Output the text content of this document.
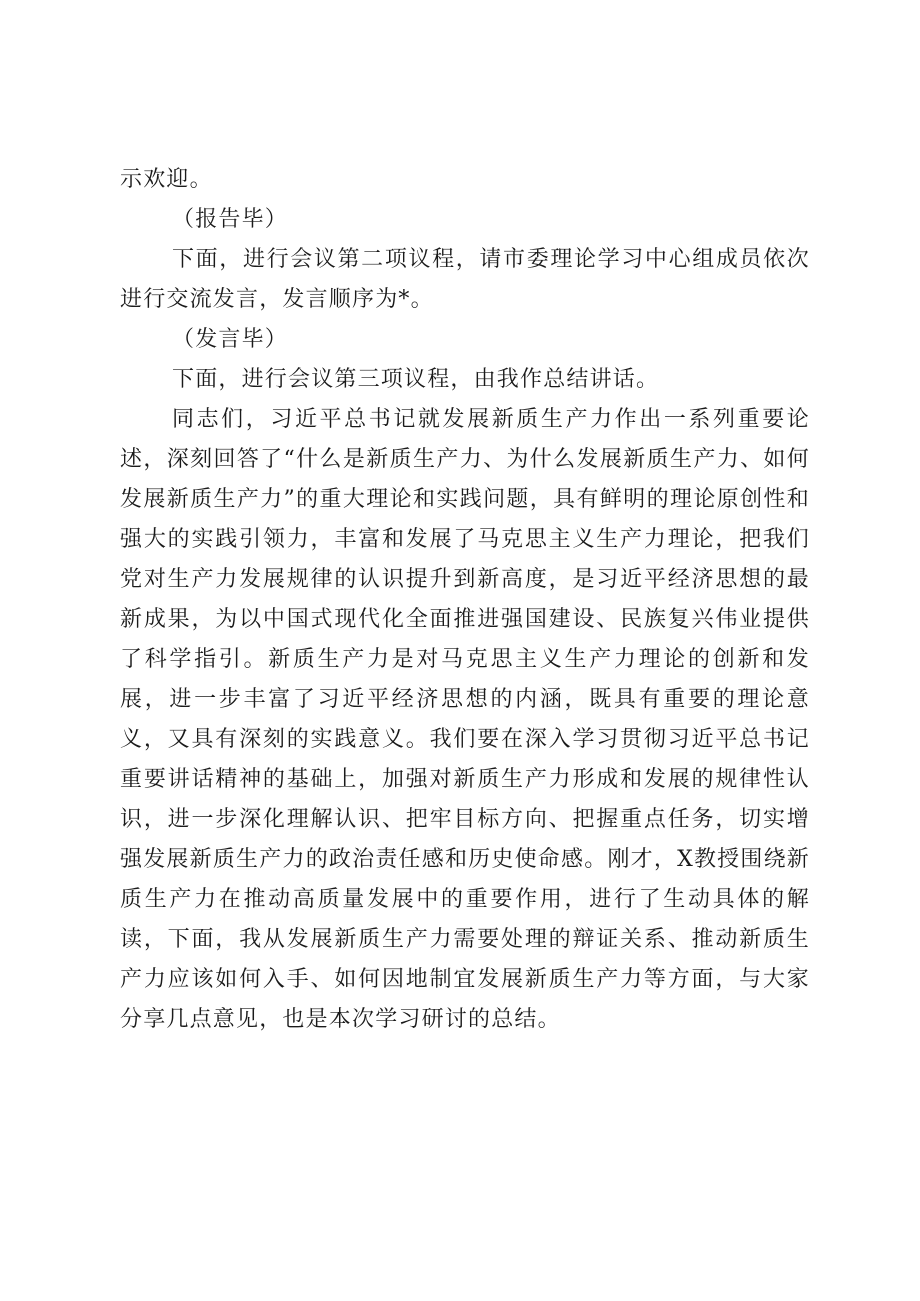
示欢迎。

（报告毕）

下面，进行会议第二项议程，请市委理论学习中心组成员依次进行交流发言，发言顺序为*。

（发言毕）

下面，进行会议第三项议程，由我作总结讲话。

同志们，习近平总书记就发展新质生产力作出一系列重要论述，深刻回答了“什么是新质生产力、为什么发展新质生产力、如何发展新质生产力”的重大理论和实践问题，具有鲜明的理论原创性和强大的实践引领力，丰富和发展了马克思主义生产力理论，把我们党对生产力发展规律的认识提升到新高度，是习近平经济思想的最新成果，为以中国式现代化全面推进强国建设、民族复兴伟业提供了科学指引。新质生产力是对马克思主义生产力理论的创新和发展，进一步丰富了习近平经济思想的内涵，既具有重要的理论意义，又具有深刻的实践意义。我们要在深入学习贯彻习近平总书记重要讲话精神的基础上，加强对新质生产力形成和发展的规律性认识，进一步深化理解认识、把牢目标方向、把握重点任务，切实增强发展新质生产力的政治责任感和历史使命感。刚才，X教授围绕新质生产力在推动高质量发展中的重要作用，进行了生动具体的解读，下面，我从发展新质生产力需要处理的辩证关系、推动新质生产力应该如何入手、如何因地制宜发展新质生产力等方面，与大家分享几点意见，也是本次学习研讨的总结。
